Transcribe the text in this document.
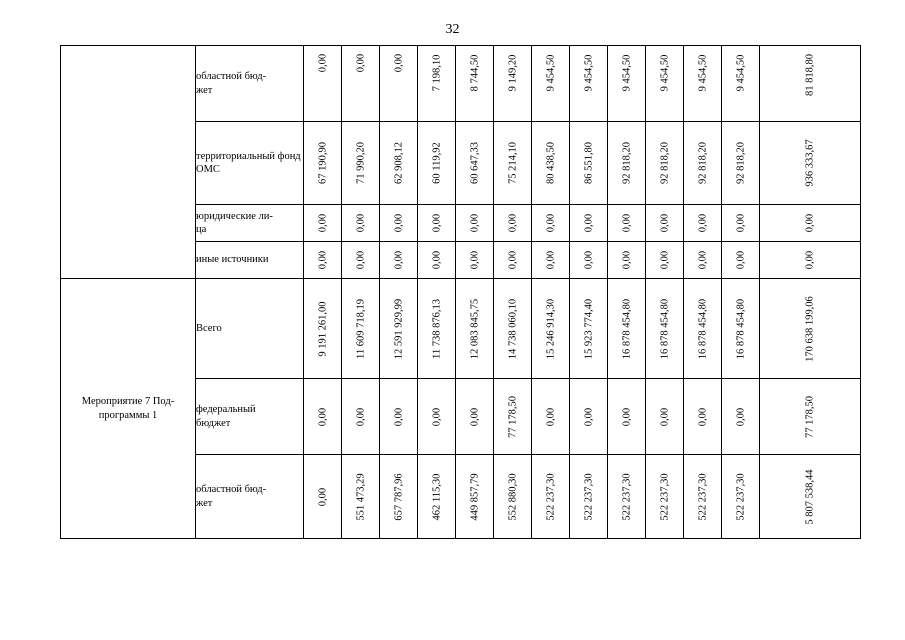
32
	областной бюд-
жет	0,00	0,00	0,00	7 198,10	8 744,50	9 149,20	9 454,50	9 454,50	9 454,50	9 454,50	9 454,50	9 454,50	81 818,80

	территориальный фонд ОМС	67 190,90	71 990,20	62 908,12	60 119,92	60 647,33	75 214,10	80 438,50	86 551,80	92 818,20	92 818,20	92 818,20	92 818,20	936 333,67

	юридические ли-
ца	0,00	0,00	0,00	0,00	0,00	0,00	0,00	0,00	0,00	0,00	0,00	0,00	0,00

	иные источники	0,00	0,00	0,00	0,00	0,00	0,00	0,00	0,00	0,00	0,00	0,00	0,00	0,00

Мероприятие 7 Под-
программы 1	Всего	9 191 261,00	11 609 718,19	12 591 929,99	11 738 876,13	12 083 845,75	14 738 060,10	15 246 914,30	15 923 774,40	16 878 454,80	16 878 454,80	16 878 454,80	16 878 454,80	170 638 199,06

	федеральный
бюджет	0,00	0,00	0,00	0,00	0,00	77 178,50	0,00	0,00	0,00	0,00	0,00	0,00	77 178,50

	областной бюд-
жет	0,00	551 473,29	657 787,96	462 115,30	449 857,79	552 880,30	522 237,30	522 237,30	522 237,30	522 237,30	522 237,30	522 237,30	5 807 538,44
